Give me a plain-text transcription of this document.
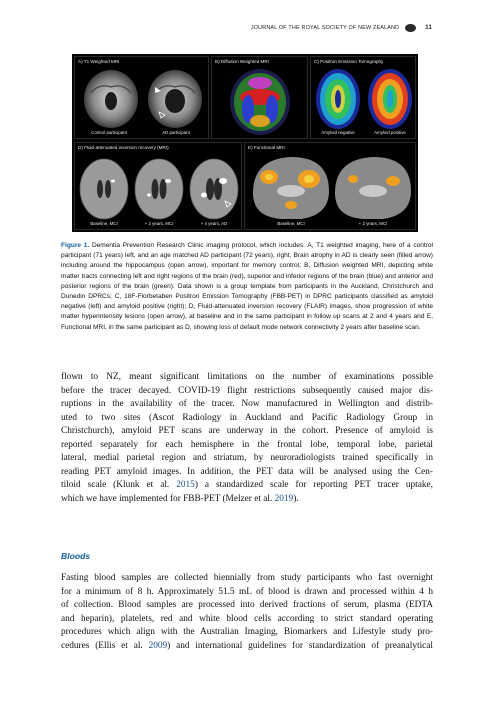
JOURNAL OF THE ROYAL SOCIETY OF NEW ZEALAND	11
A) T1 Weighted MRI
Control participant	AD participant
B) Diffusion Weighted MRI	C) Positron Emission Tomography
Amyloid negative	Amyloid positive
D) Fluid-attenuated inversion recovery (MRI)
Baseline, MCI	+ 2 years, MCI	+ 4 years, AD
E) Functional MRI
Baseline, MCI	+ 2 years, MCI
Figure 1. Dementia Prevention Research Clinic imaging protocol, which includes: A, T1 weighted imaging, here of a control participant (71 years) left, and an age matched AD participant (72 years), right. Brain atrophy in AD is clearly seen (filled arrow) including around the hippocampus (open arrow), important for memory control; B, Diffusion weighted MRI, depicting white matter tracts connecting left and right regions of the brain (red), superior and inferior regions of the brain (blue) and anterior and posterior regions of the brain (green). Data shown is a group template from participants in the Auckland, Christchurch and Dunedin DPRCs; C, 18F-Florbetaben Positron Emission Tomography (FBB-PET) in DPRC participants classified as amyloid negative (left) and amyloid positive (right); D, Fluid-attenuated inversion recovery (FLAIR) images, show progression of white matter hyperintensity lesions (open arrow), at baseline and in the same participant in follow up scans at 2 and 4 years and E, Functional MRI, in the same participant as D, showing loss of default mode network connectivity 2 years after baseline scan.

flown to NZ, meant significant limitations on the number of examinations possible
before the tracer decayed. COVID-19 flight restrictions subsequently caused major dis-
ruptions in the availability of the tracer. Now manufactured in Wellington and distrib-
uted to two sites (Ascot Radiology in Auckland and Pacific Radiology Group in
Christchurch), amyloid PET scans are underway in the cohort. Presence of amyloid is
reported separately for each hemisphere in the frontal lobe, temporal lobe, parietal
lateral, medial parietal region and striatum, by neuroradiologists trained specifically in
reading PET amyloid images. In addition, the PET data will be analysed using the Cen-
tiloid scale (Klunk et al. 2015) a standardized scale for reporting PET tracer uptake,
which we have implemented for FBB-PET (Melzer et al. 2019).

Bloods

Fasting blood samples are collected biennially from study participants who fast overnight
for a minimum of 8 h. Approximately 51.5 mL of blood is drawn and processed within 4 h
of collection. Blood samples are processed into derived fractions of serum, plasma (EDTA
and heparin), platelets, red and white blood cells according to strict standard operating
procedures which align with the Australian Imaging, Biomarkers and Lifestyle study pro-
cedures (Ellis et al. 2009) and international guidelines for standardization of preanalytical
